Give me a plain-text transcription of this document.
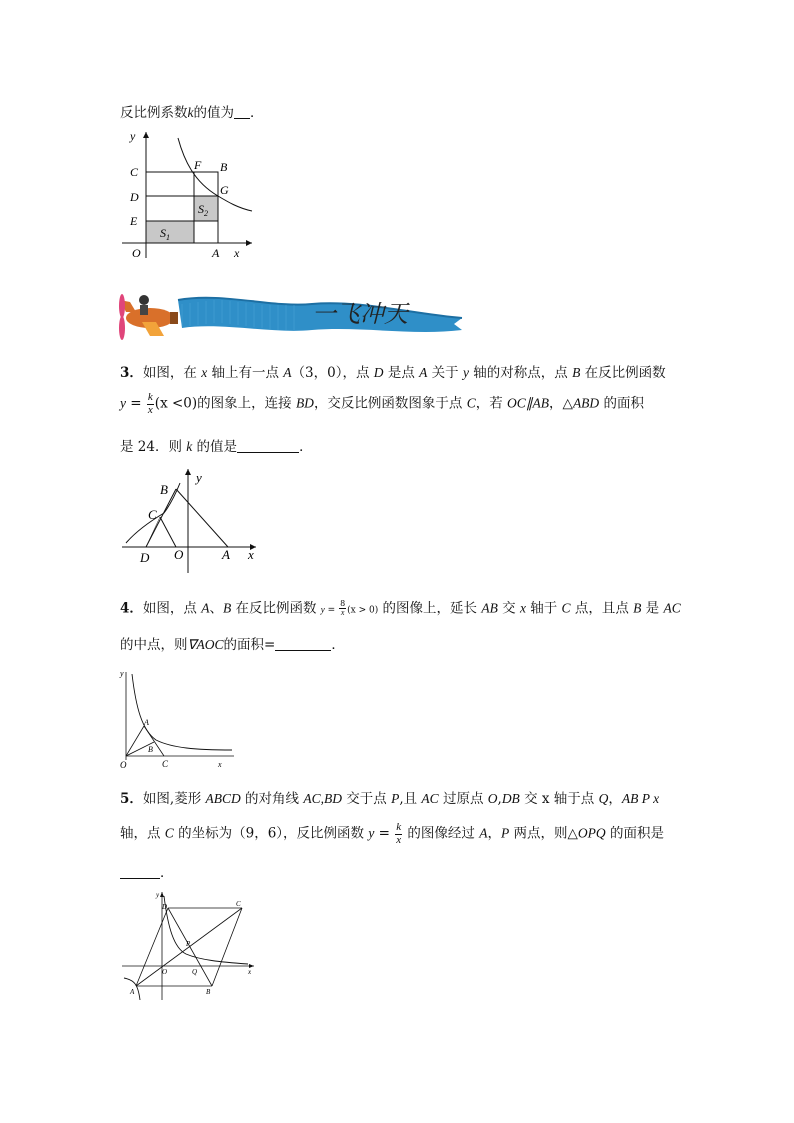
反比例系数k的值为 ．
y
x
O	A
C
D
E
F B
G
$S_1$
$S_2$
一飞冲天
3．如图，在 x 轴上有一点 A（3，0），点 D 是点 A 关于 y 轴的对称点，点 B 在反比例函数
$y = \frac{k}{x} (x <0)$的图象上，连接 BD，交反比例函数图象于点 C，若 OC∥AB，△ABD 的面积
是 24．则 k 的值是	．
B
C
D O	A
y
x
4．如图，点 A、B 在反比例函数 $y = \frac{8}{x} (x > 0)$ 的图像上，延长 AB 交 x 轴于 C 点，且点 B 是 AC
的中点，则∇AOC的面积=	．
y
x
O
A
B
C
5．如图,菱形 ABCD 的对角线 AC,BD 交于点 P,且 AC 过原点 O,DB 交 x 轴于点 Q，AB P x
轴，点 C 的坐标为（9，6），反比例函数 $y = \frac{k}{x}$ 的图像经过 A，P 两点，则△OPQ 的面积是
．
y
x
D	C
P
O	Q
A	B
